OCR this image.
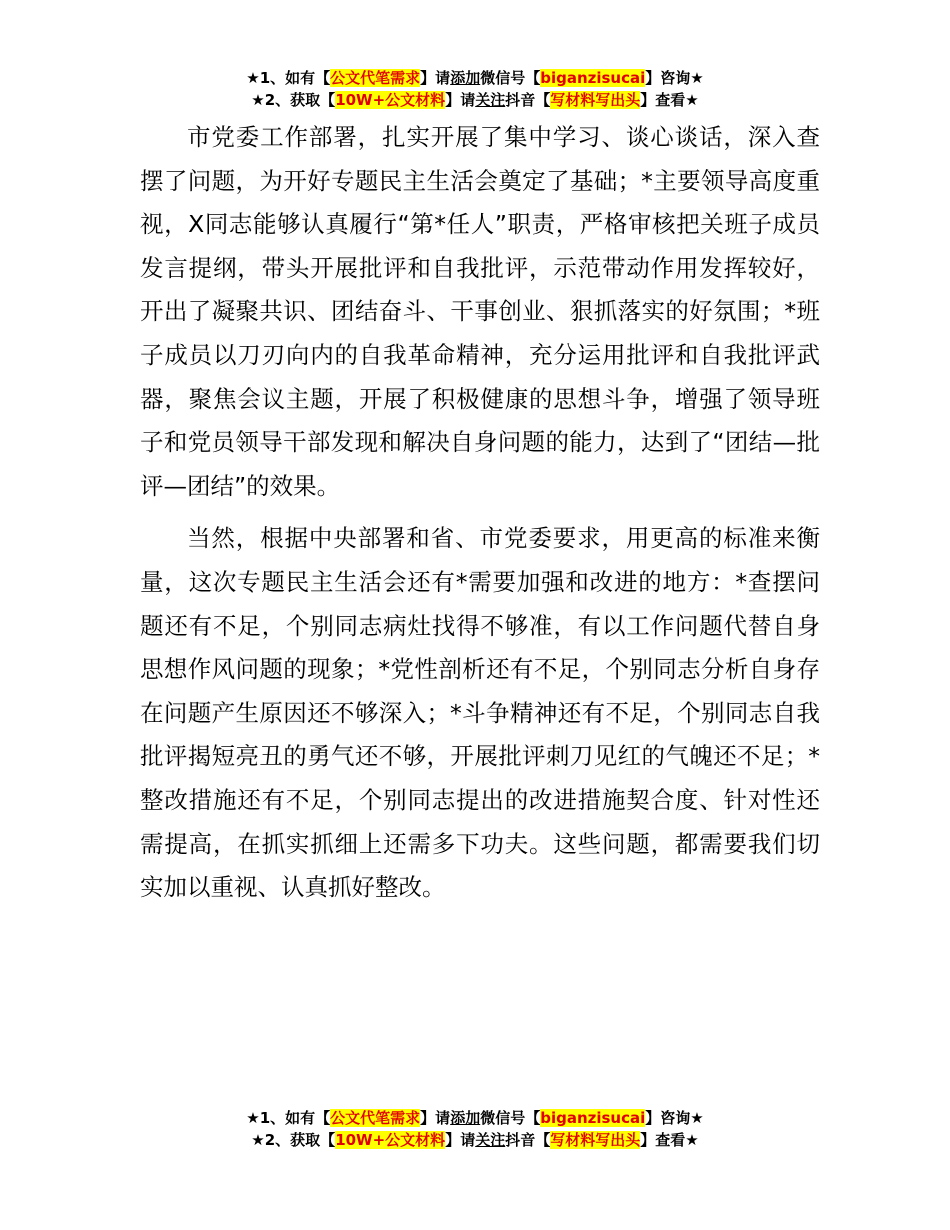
★1、如有【公文代笔需求】请添加微信号【biganzisucai】咨询★
★2、获取【10W+公文材料】请关注抖音【写材料写出头】查看★

市党委工作部署，扎实开展了集中学习、谈心谈话，深入查摆了问题，为开好专题民主生活会奠定了基础；*主要领导高度重视，X同志能够认真履行“第*任人”职责，严格审核把关班子成员发言提纲，带头开展批评和自我批评，示范带动作用发挥较好，开出了凝聚共识、团结奋斗、干事创业、狠抓落实的好氛围；*班子成员以刀刃向内的自我革命精神，充分运用批评和自我批评武器，聚焦会议主题，开展了积极健康的思想斗争，增强了领导班子和党员领导干部发现和解决自身问题的能力，达到了“团结—批评—团结”的效果。

当然，根据中央部署和省、市党委要求，用更高的标准来衡量，这次专题民主生活会还有*需要加强和改进的地方：*查摆问题还有不足，个别同志病灶找得不够准，有以工作问题代替自身思想作风问题的现象；*党性剖析还有不足，个别同志分析自身存在问题产生原因还不够深入；*斗争精神还有不足，个别同志自我批评揭短亮丑的勇气还不够，开展批评刺刀见红的气魄还不足；*整改措施还有不足，个别同志提出的改进措施契合度、针对性还需提高，在抓实抓细上还需多下功夫。这些问题，都需要我们切实加以重视、认真抓好整改。

★1、如有【公文代笔需求】请添加微信号【biganzisucai】咨询★
★2、获取【10W+公文材料】请关注抖音【写材料写出头】查看★
